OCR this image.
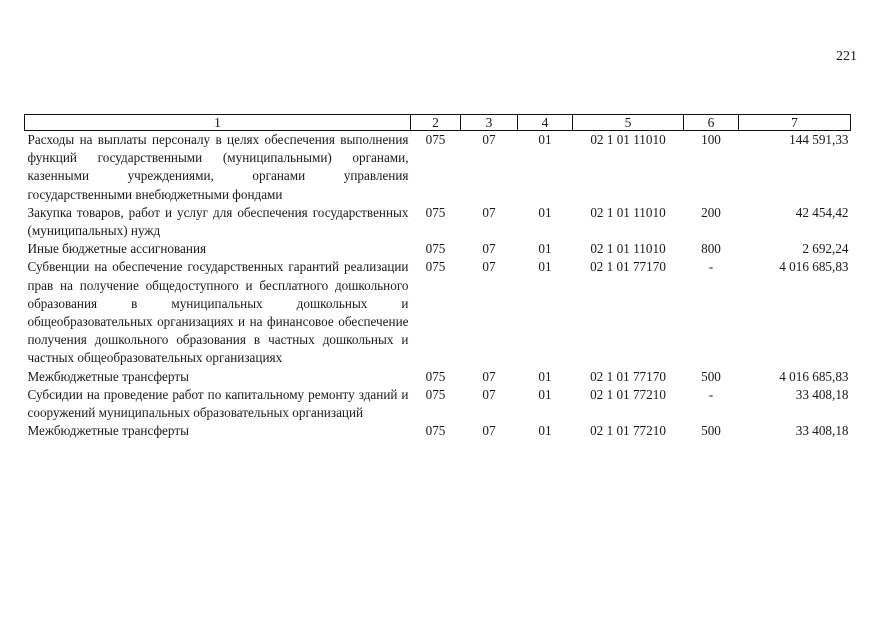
221
1	2	3	4	5	6	7
Расходы на выплаты персоналу в целях обеспечения выполнения функций государственными (муниципальными) органами, казенными учреждениями, органами управления государственными внебюджетными фондами	075	07	01	02 1 01 11010	100	144 591,33
Закупка товаров, работ и услуг для обеспечения государственных (муниципальных) нужд	075	07	01	02 1 01 11010	200	42 454,42
Иные бюджетные ассигнования	075	07	01	02 1 01 11010	800	2 692,24
Субвенции на обеспечение государственных гарантий реализации прав на получение общедоступного и бесплатного дошкольного образования в муниципальных дошкольных и общеобразовательных организациях и на финансовое обеспечение получения дошкольного образования в частных дошкольных и частных общеобразовательных организациях	075	07	01	02 1 01 77170	-	4 016 685,83
Межбюджетные трансферты	075	07	01	02 1 01 77170	500	4 016 685,83
Субсидии на проведение работ по капитальному ремонту зданий и сооружений муниципальных образовательных организаций	075	07	01	02 1 01 77210	-	33 408,18
Межбюджетные трансферты	075	07	01	02 1 01 77210	500	33 408,18
